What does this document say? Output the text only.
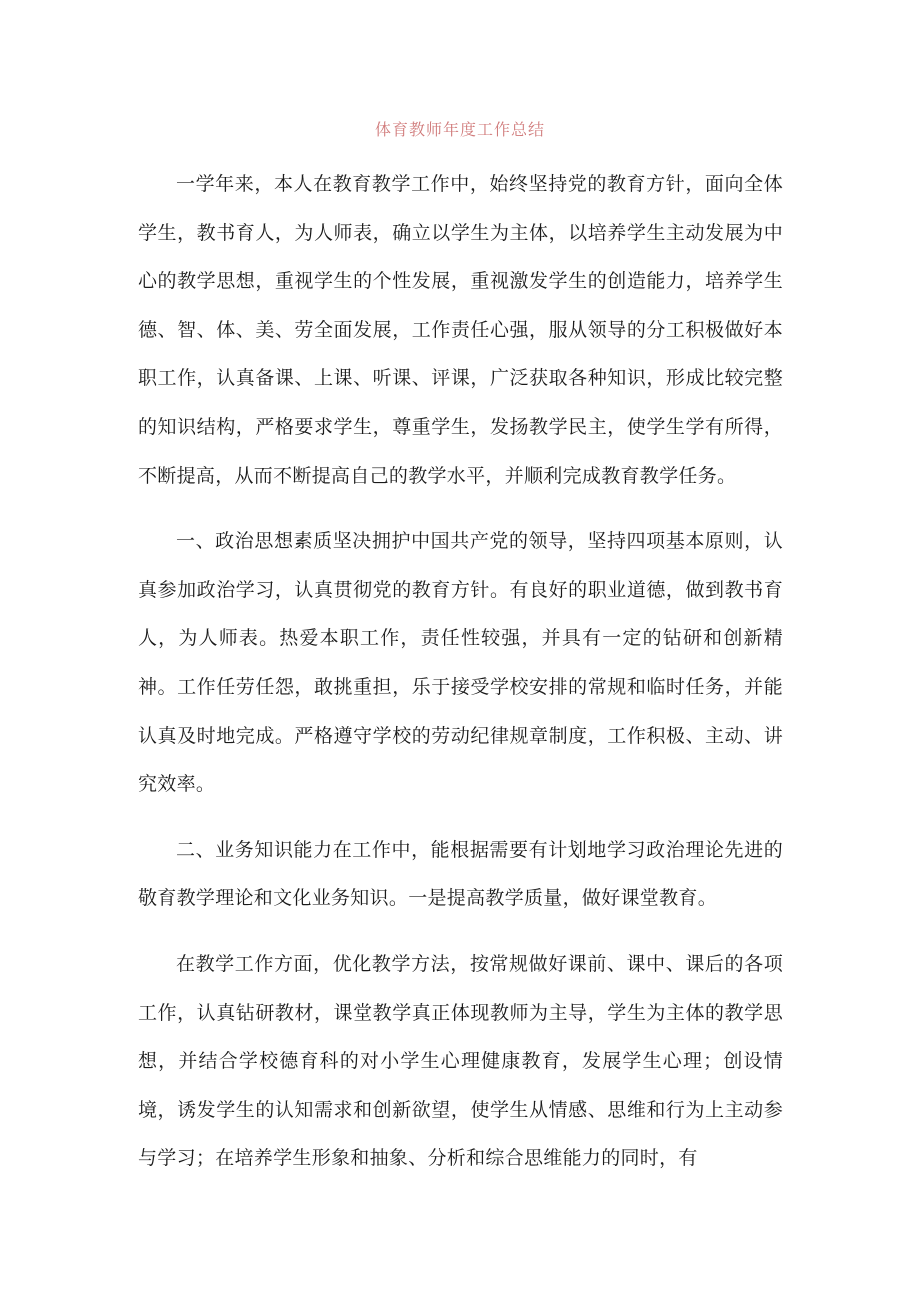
体育教师年度工作总结

一学年来，本人在教育教学工作中，始终坚持党的教育方针，面向全体学生，教书育人，为人师表，确立以学生为主体，以培养学生主动发展为中心的教学思想，重视学生的个性发展，重视激发学生的创造能力，培养学生德、智、体、美、劳全面发展，工作责任心强，服从领导的分工积极做好本职工作，认真备课、上课、听课、评课，广泛获取各种知识，形成比较完整的知识结构，严格要求学生，尊重学生，发扬教学民主，使学生学有所得，不断提高，从而不断提高自己的教学水平，并顺利完成教育教学任务。

一、政治思想素质坚决拥护中国共产党的领导，坚持四项基本原则，认真参加政治学习，认真贯彻党的教育方针。有良好的职业道德，做到教书育人，为人师表。热爱本职工作，责任性较强，并具有一定的钻研和创新精神。工作任劳任怨，敢挑重担，乐于接受学校安排的常规和临时任务，并能认真及时地完成。严格遵守学校的劳动纪律规章制度，工作积极、主动、讲究效率。

二、业务知识能力在工作中，能根据需要有计划地学习政治理论先进的敬育教学理论和文化业务知识。一是提高教学质量，做好课堂教育。

在教学工作方面，优化教学方法，按常规做好课前、课中、课后的各项工作，认真钻研教材，课堂教学真正体现教师为主导，学生为主体的教学思想，并结合学校德育科的对小学生心理健康教育，发展学生心理；创设情境，诱发学生的认知需求和创新欲望，使学生从情感、思维和行为上主动参与学习；在培养学生形象和抽象、分析和综合思维能力的同时，有
